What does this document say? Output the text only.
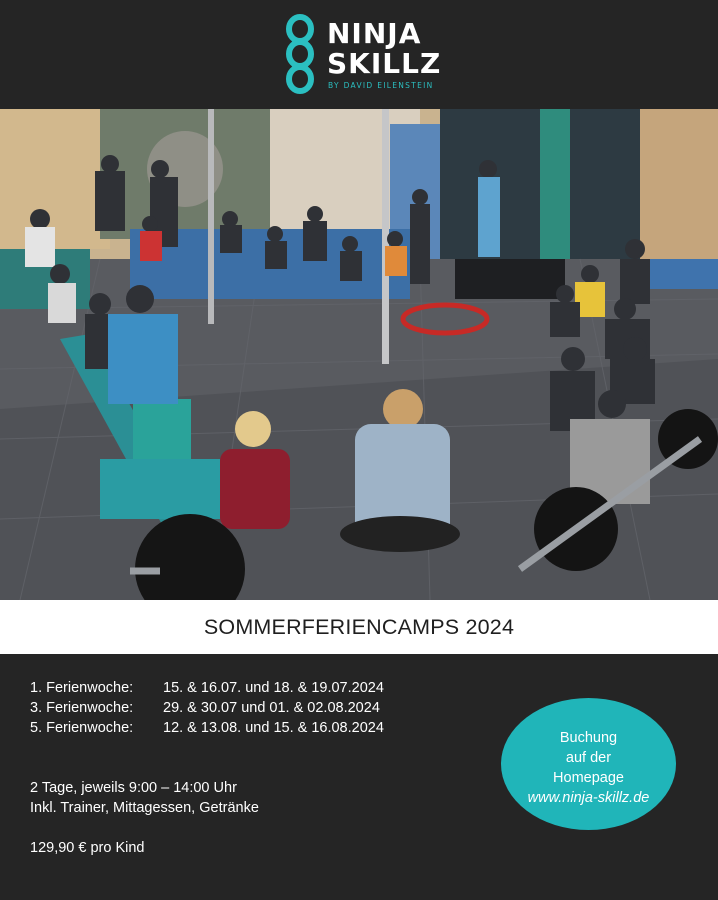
NINJA
SKILLZ
BY DAVID EILENSTEIN
SOMMERFERIENCAMPS 2024
1. Ferienwoche: 15. & 16.07. und 18. & 19.07.2024
3. Ferienwoche: 29. & 30.07 und 01. & 02.08.2024
5. Ferienwoche: 12. & 13.08. und 15. & 16.08.2024
2 Tage, jeweils 9:00 – 14:00 Uhr
Inkl. Trainer, Mittagessen, Getränke
129,90 € pro Kind
Buchung
auf der
Homepage
www.ninja-skillz.de
